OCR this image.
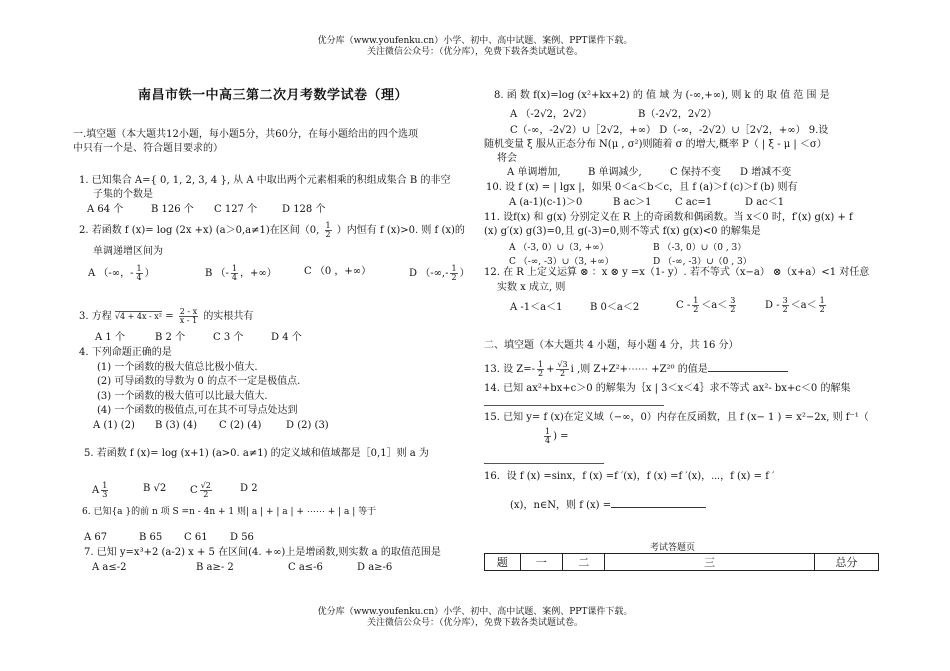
优分库（www.youfenku.cn）小学、初中、高中试题、案例、PPT课件下载。
关注微信公众号：（优分库），免费下载各类试题试卷。
南昌市铁一中高三第二次月考数学试卷（理）
一.填空题（本大题共12小题，每小题5分，共60分，在每小题给出的四个选项
中只有一个是、符合题目要求的）
1. 已知集合 A={ 0, 1, 2, 3, 4 }, 从 A 中取出两个元素相乘的积组成集合 B 的非空
子集的个数是
A 64 个	B 126 个 C 127 个 D 128 个
2. 若函数 f (x)= log (2x +x) (a＞0,a≠1)在区间（0, $\frac{1}{2}$ ）内恒有 f (x)>0. 则 f (x)的
单调递增区间为
A （-∞，- $\frac{1}{4}$ ）	B （- $\frac{1}{4}$ ，+∞）	C （0 ，+∞）	D （-∞,- $\frac{1}{2}$ ）
3. 方程 $√4 + 4x - x^2 = \frac{2 - x}{x - 1}$ 的实根共有
A 1 个	B 2 个	C 3 个	D 4 个
4. 下列命题正确的是
(1) 一个函数的极大值总比极小值大.
(2) 可导函数的导数为 0 的点不一定是极值点.
(3) 一个函数的极大值可以比最大值大.
(4) 一个函数的极值点,可在其不可导点处达到
A (1) (2) B (3) (4) C (2) (4) D (2) (3)
5. 若函数 f (x)= log (x+1) (a>0. a≠1) 的定义域和值域都是［0,1］则 a 为
A $\frac{1}{3}$	B √2 C $\frac{√2}{2}$	D 2
6. 已知{a }的前 n 项 S =n - 4n + 1 则| a | + | a | + ⋯⋯ + | a | 等于
A 67	B 65 C 61 D 56
7. 已知 y=x³+2 (a-2) x + 5 在区间(4. +∞)上是增函数,则实数 a 的取值范围是
A a≤-2	B a≥- 2	C a≤-6	D a≥-6
8. 函 数 f(x)=log (x²+kx+2) 的 值 域 为 (-∞,+∞), 则 k 的 取 值 范 围 是
A （-2√2，2√2）	B（-2√2，2√2）
C（-∞，-2√2）∪［2√2，+∞） D（-∞，-2√2）∪［2√2，+∞） 9.设
随机变量 ξ 服从正态分布 N(μ , σ²)则随着 σ 的增大,概率 P（ | ξ - μ | ＜σ）
将会
A 单调增加,	B 单调减少,	C 保持不变 D 增减不变
10. 设 f (x) = | lgx |，如果 0＜a＜b＜c，且 f (a)＞f (c)＞f (b) 则有
A (a-1)(c-1)＞0	B ac＞1 C ac=1	D ac＜1
11. 设f(x) 和 g(x) 分别定义在 R 上的奇函数和偶函数。当 x＜0 时，f′(x) g(x) + f
(x) g′(x) g(3)=0,且 g(-3)=0,则不等式 f(x) g(x)<0 的解集是
A （-3, 0）∪（3, +∞）	B （-3, 0）∪（0 , 3）
C （-∞, -3）∪（3, +∞）	D （-∞, -3）∪（0 , 3）
12. 在 R 上定义运算 ⊗ ：x ⊗ y =x（1- y）. 若不等式（x−a） ⊗（x+a）<1 对任意
实数 x 成立, 则
A -1＜a＜1	B 0＜a＜2	$C - \frac{1}{2} <a< \frac{3}{2}$	$D - \frac{3}{2} <a< \frac{1}{2}$
二、填空题（本大题共 4 小题，每小题 4 分，共 16 分）
13. 设 $Z=- \frac{1}{2} + \frac{√3}{2}$ i ,则 Z+Z²+⋯⋯ +Z²⁰ 的值是
14. 已知 ax²+bx+c＞0 的解集为｛x | 3＜x＜4｝求不等式 ax²- bx+c＜0 的解集
15. 已知 y= f (x)在定义域（−∞，0）内存在反函数，且 f (x− 1 ) = x²−2x, 则 f⁻¹（
$\frac{1}{4}$ ) =
16．设 f (x) =sinx，f (x) =f ′(x)，f (x) =f ′(x)，⋯，f (x) = f ′
(x)，n∈N，则 f (x) =
考试答题页
题	一	二	三	总分
优分库（www.youfenku.cn）小学、初中、高中试题、案例、PPT课件下载。
关注微信公众号：（优分库），免费下载各类试题试卷。
